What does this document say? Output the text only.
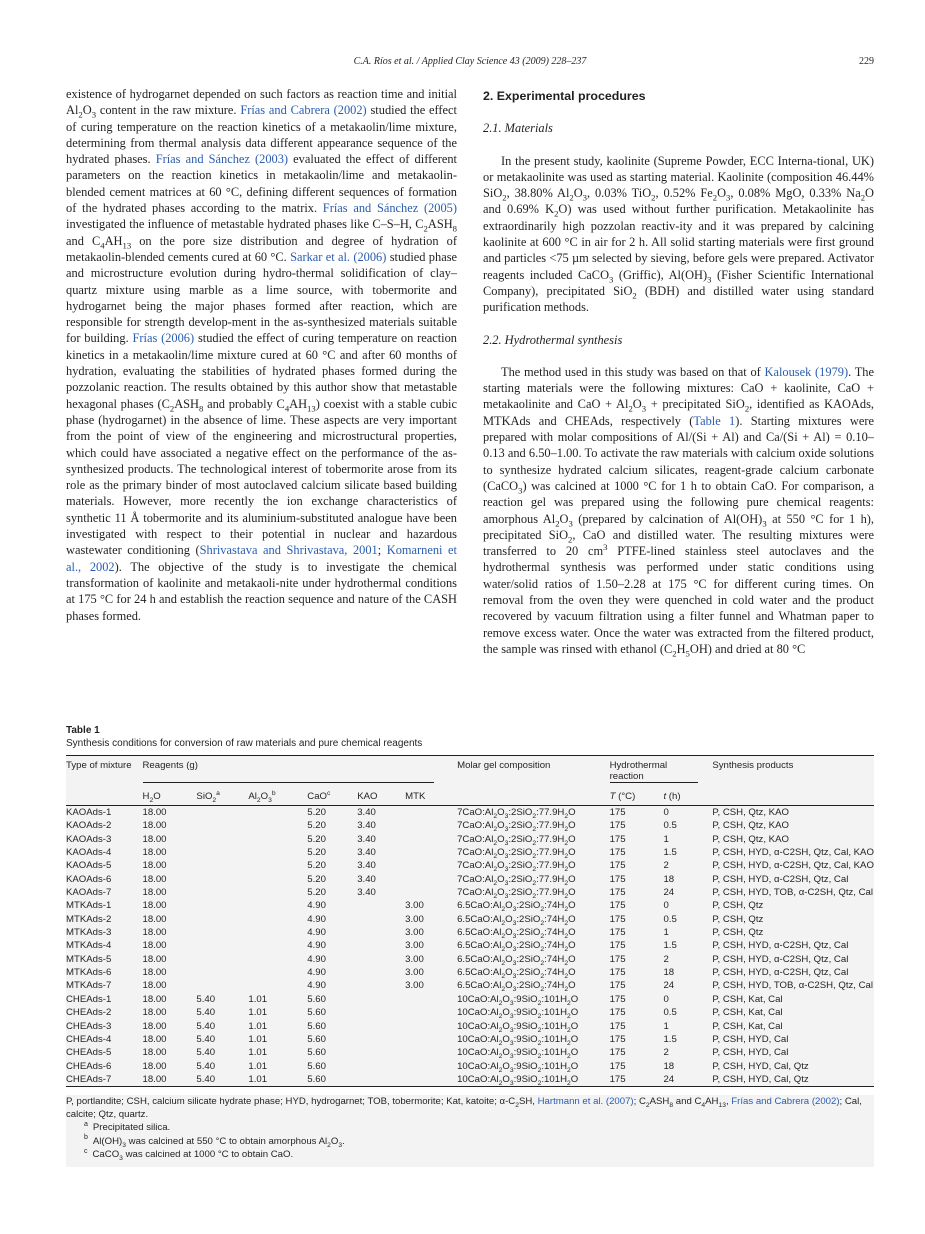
C.A. Ríos et al. / Applied Clay Science 43 (2009) 228–237	229

existence of hydrogarnet depended on such factors as reaction time and initial $Al_2O_3$ content in the raw mixture. Frías and Cabrera (2002) studied the effect of curing temperature on the reaction kinetics of a metakaolin/lime mixture, determining from thermal analysis data different appearance sequence of the hydrated phases. Frías and Sánchez (2003) evaluated the effect of different parameters on the reaction kinetics in metakaolin/lime and metakaolin-blended cement matrices at 60 °C, defining different sequences of formation of the hydrated phases according to the matrix. Frías and Sánchez (2005) investigated the influence of metastable hydrated phases like C–S–H, $C_2ASH_8$ and $C_4AH_{13}$ on the pore size distribution and degree of hydration of metakaolin-blended cements cured at 60 °C. Sarkar et al. (2006) studied phase and microstructure evolution during hydro-thermal solidification of clay–quartz mixture using marble as a lime source, with tobermorite and hydrogarnet being the major phases formed after reaction, which are responsible for strength develop-ment in the as-synthesized materials suitable for building. Frías (2006) studied the effect of curing temperature on reaction kinetics in a metakaolin/lime mixture cured at 60 °C and after 60 months of hydration, evaluating the stabilities of hydrated phases formed during the pozzolanic reaction. The results obtained by this author show that metastable hexagonal phases ($C_2ASH_8$ and probably $C_4AH_{13}$) coexist with a stable cubic phase (hydrogarnet) in the absence of lime. These aspects are very important from the point of view of the engineering and microstructural properties, which could have associated a negative effect on the performance of the as-synthesized products. The technological interest of tobermorite arose from its role as the primary binder of most autoclaved calcium silicate based building materials. However, more recently the ion exchange characteristics of synthetic 11 Å tobermorite and its aluminium-substituted analogue have been investigated with respect to their potential in nuclear and hazardous wastewater conditioning (Shrivastava and Shrivastava, 2001; Komarneni et al., 2002). The objective of the study is to investigate the chemical transformation of kaolinite and metakaoli-nite under hydrothermal conditions at 175 °C for 24 h and establish the reaction sequence and nature of the CASH phases formed.

2. Experimental procedures

2.1. Materials

In the present study, kaolinite (Supreme Powder, ECC Interna-tional, UK) or metakaolinite was used as starting material. Kaolinite (composition 46.44% SiO$_2$, 38.80% $Al_2O_3$, 0.03% TiO$_2$, 0.52% $Fe_2O_3$, 0.08% MgO, 0.33% $Na_2O$ and 0.69% $K_2O$) was used without further purification. Metakaolinite has extraordinarily high pozzolan reactiv-ity and it was prepared by calcining kaolinite at 600 °C in air for 2 h. All solid starting materials were first ground and particles <75 µm selected by sieving, before gels were prepared. Activator reagents included CaCO$_3$ (Griffic), $Al(OH)_3$ (Fisher Scientific International Company), precipitated SiO$_2$ (BDH) and distilled water using standard purification methods.

2.2. Hydrothermal synthesis

The method used in this study was based on that of Kalousek (1979). The starting materials were the following mixtures: CaO + kaolinite, CaO + metakaolinite and CaO + $Al_2O_3$ + precipitated SiO$_2$, identified as KAOAds, MTKAds and CHEAds, respectively (Table 1). Starting mixtures were prepared with molar compositions of Al/(Si + Al) and Ca/(Si + Al) = 0.10–0.13 and 6.50–1.00. To activate the raw materials with calcium oxide solutions to synthesize hydrated calcium silicates, reagent-grade calcium carbonate (CaCO$_3$) was calcined at 1000 °C for 1 h to obtain CaO. For comparison, a reaction gel was prepared using the following pure chemical reagents: amorphous $Al_2O_3$ (prepared by calcination of $Al(OH)_3$ at 550 °C for 1 h), precipitated SiO$_2$, CaO and distilled water. The resulting mixtures were transferred to 20 $cm^3$ PTFE-lined stainless steel autoclaves and the hydrothermal synthesis was performed under static conditions using water/solid ratios of 1.50–2.28 at 175 °C for different curing times. On removal from the oven they were quenched in cold water and the product recovered by vacuum filtration using a filter funnel and Whatman paper to remove excess water. Once the water was extracted from the filtered product, the sample was rinsed with ethanol $(C_2H_5OH)$ and dried at 80 °C

Table 1
Synthesis conditions for conversion of raw materials and pure chemical reagents
Type of mixture	Reagents (g)						Molar gel composition	Hydrothermal reaction		Synthesis products
	$H_2O$	SiO$_2^a$	$Al_2O_3^b$	CaO$^c$	KAO	MTK		T (°C)	t (h)	
KAOAds-1	18.00			5.20	3.40		$7CaO:Al_2O_3:2SiO_2:77.9H_2O$	175	0	P, CSH, Qtz, KAO
KAOAds-2	18.00			5.20	3.40		$7CaO:Al_2O_3:2SiO_2:77.9H_2O$	175	0.5	P, CSH, Qtz, KAO
KAOAds-3	18.00			5.20	3.40		$7CaO:Al_2O_3:2SiO_2:77.9H_2O$	175	1	P, CSH, Qtz, KAO
KAOAds-4	18.00			5.20	3.40		$7CaO:Al_2O_3:2SiO_2:77.9H_2O$	175	1.5	P, CSH, HYD, α-C2SH, Qtz, Cal, KAO
KAOAds-5	18.00			5.20	3.40		$7CaO:Al_2O_3:2SiO_2:77.9H_2O$	175	2	P, CSH, HYD, α-C2SH, Qtz, Cal, KAO
KAOAds-6	18.00			5.20	3.40		$7CaO:Al_2O_3:2SiO_2:77.9H_2O$	175	18	P, CSH, HYD, α-C2SH, Qtz, Cal
KAOAds-7	18.00			5.20	3.40		$7CaO:Al_2O_3:2SiO_2:77.9H_2O$	175	24	P, CSH, HYD, TOB, α-C2SH, Qtz, Cal
MTKAds-1	18.00			4.90		3.00	$6.5CaO:Al_2O_3:2SiO_2:74H_2O$	175	0	P, CSH, Qtz
MTKAds-2	18.00			4.90		3.00	$6.5CaO:Al_2O_3:2SiO_2:74H_2O$	175	0.5	P, CSH, Qtz
MTKAds-3	18.00			4.90		3.00	$6.5CaO:Al_2O_3:2SiO_2:74H_2O$	175	1	P, CSH, Qtz
MTKAds-4	18.00			4.90		3.00	$6.5CaO:Al_2O_3:2SiO_2:74H_2O$	175	1.5	P, CSH, HYD, α-C2SH, Qtz, Cal
MTKAds-5	18.00			4.90		3.00	$6.5CaO:Al_2O_3:2SiO_2:74H_2O$	175	2	P, CSH, HYD, α-C2SH, Qtz, Cal
MTKAds-6	18.00			4.90		3.00	$6.5CaO:Al_2O_3:2SiO_2:74H_2O$	175	18	P, CSH, HYD, α-C2SH, Qtz, Cal
MTKAds-7	18.00			4.90		3.00	$6.5CaO:Al_2O_3:2SiO_2:74H_2O$	175	24	P, CSH, HYD, TOB, α-C2SH, Qtz, Cal
CHEAds-1	18.00	5.40	1.01	5.60			$10CaO:Al_2O_3:9SiO_2:101H_2O$	175	0	P, CSH, Kat, Cal
CHEAds-2	18.00	5.40	1.01	5.60			$10CaO:Al_2O_3:9SiO_2:101H_2O$	175	0.5	P, CSH, Kat, Cal
CHEAds-3	18.00	5.40	1.01	5.60			$10CaO:Al_2O_3:9SiO_2:101H_2O$	175	1	P, CSH, Kat, Cal
CHEAds-4	18.00	5.40	1.01	5.60			$10CaO:Al_2O_3:9SiO_2:101H_2O$	175	1.5	P, CSH, HYD, Cal
CHEAds-5	18.00	5.40	1.01	5.60			$10CaO:Al_2O_3:9SiO_2:101H_2O$	175	2	P, CSH, HYD, Cal
CHEAds-6	18.00	5.40	1.01	5.60			$10CaO:Al_2O_3:9SiO_2:101H_2O$	175	18	P, CSH, HYD, Cal, Qtz
CHEAds-7	18.00	5.40	1.01	5.60			$10CaO:Al_2O_3:9SiO_2:101H_2O$	175	24	P, CSH, HYD, Cal, Qtz
P, portlandite; CSH, calcium silicate hydrate phase; HYD, hydrogarnet; TOB, tobermorite; Kat, katoite; $\alpha-C_2SH$, Hartmann et al. (2007); $C_2ASH_8$ and $C_4AH_{13}$, Frías and Cabrera (2002); Cal, calcite; Qtz, quartz.
$^a$ Precipitated silica.
$^b$ $Al(OH)_3$ was calcined at 550 °C to obtain amorphous $Al_2O_3$.
$^c$ CaCO$_3$ was calcined at 1000 °C to obtain CaO.
